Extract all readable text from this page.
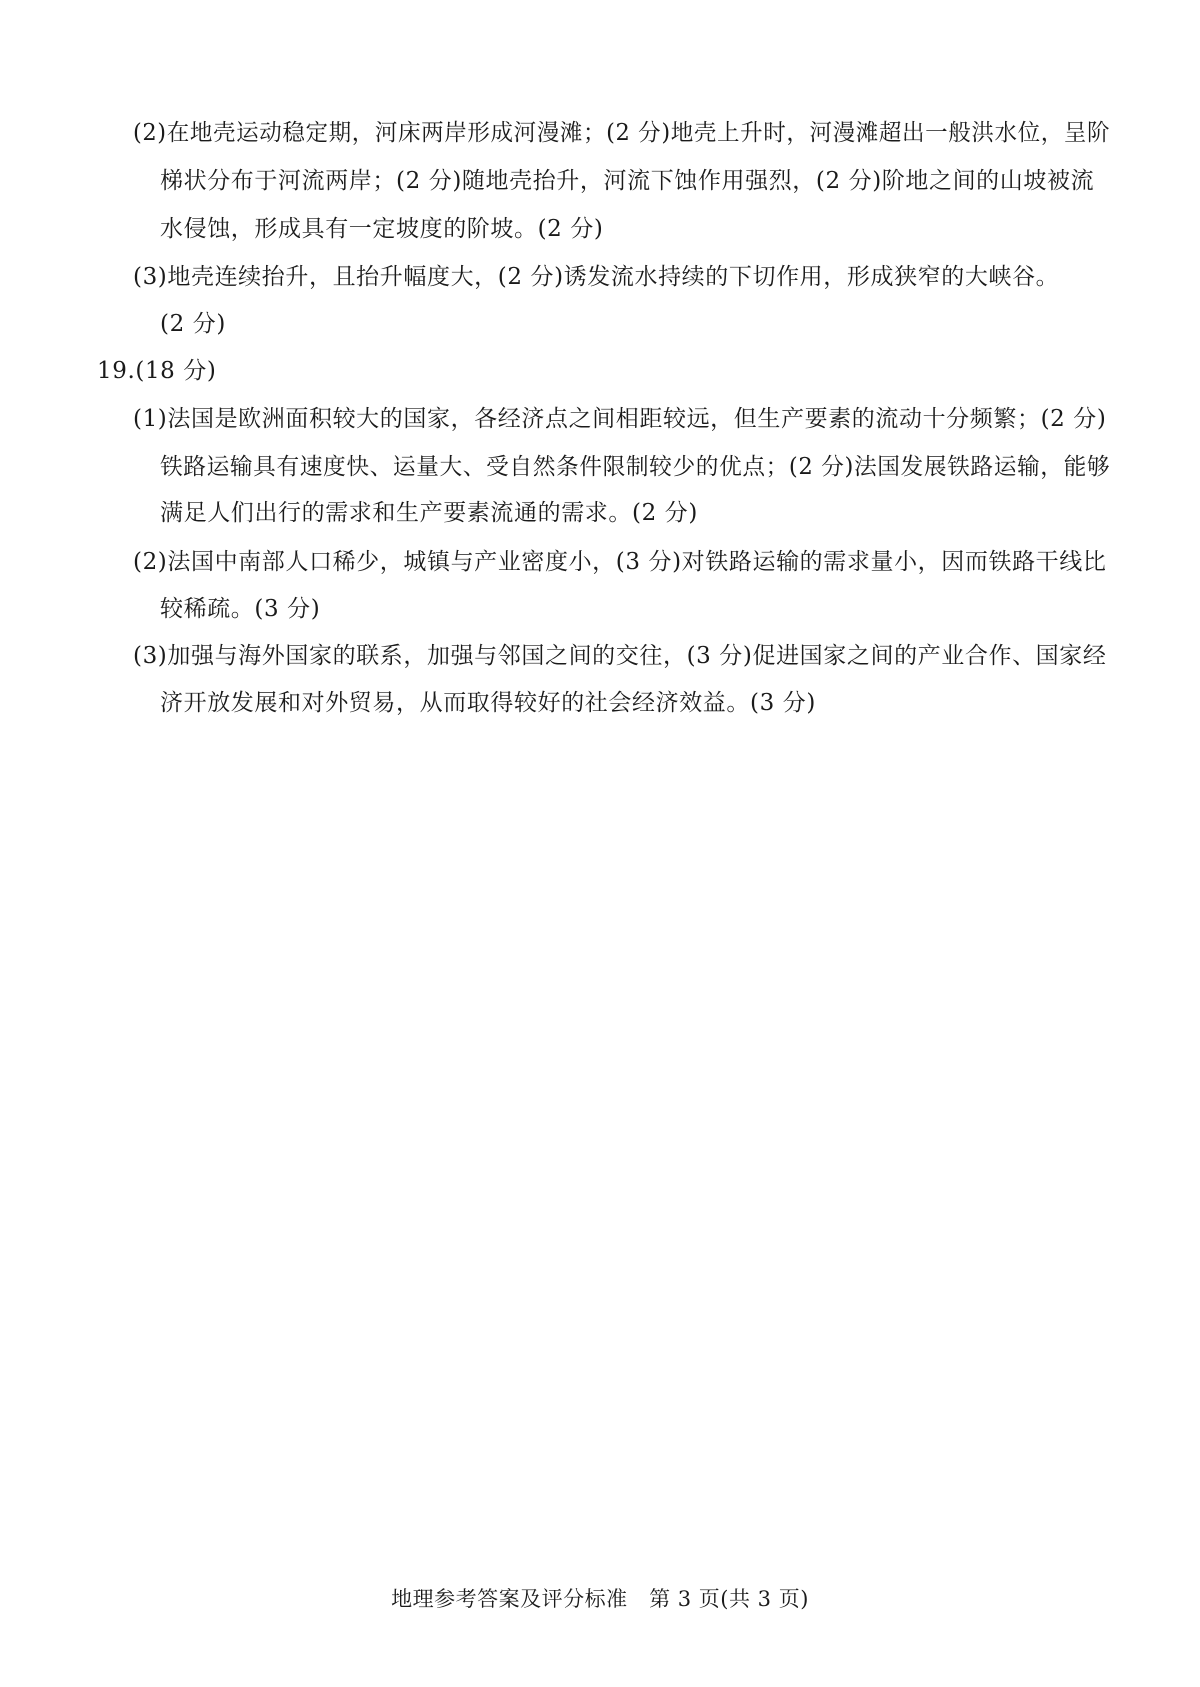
(2)在地壳运动稳定期，河床两岸形成河漫滩；(2 分)地壳上升时，河漫滩超出一般洪水位，呈阶
梯状分布于河流两岸；(2 分)随地壳抬升，河流下蚀作用强烈，(2 分)阶地之间的山坡被流
水侵蚀，形成具有一定坡度的阶坡。(2 分)
(3)地壳连续抬升，且抬升幅度大，(2 分)诱发流水持续的下切作用，形成狭窄的大峡谷。
(2 分)
19.(18 分)
(1)法国是欧洲面积较大的国家，各经济点之间相距较远，但生产要素的流动十分频繁；(2 分)
铁路运输具有速度快、运量大、受自然条件限制较少的优点；(2 分)法国发展铁路运输，能够
满足人们出行的需求和生产要素流通的需求。(2 分)
(2)法国中南部人口稀少，城镇与产业密度小，(3 分)对铁路运输的需求量小，因而铁路干线比
较稀疏。(3 分)
(3)加强与海外国家的联系，加强与邻国之间的交往，(3 分)促进国家之间的产业合作、国家经
济开放发展和对外贸易，从而取得较好的社会经济效益。(3 分)
地理参考答案及评分标准　第 3 页(共 3 页)
